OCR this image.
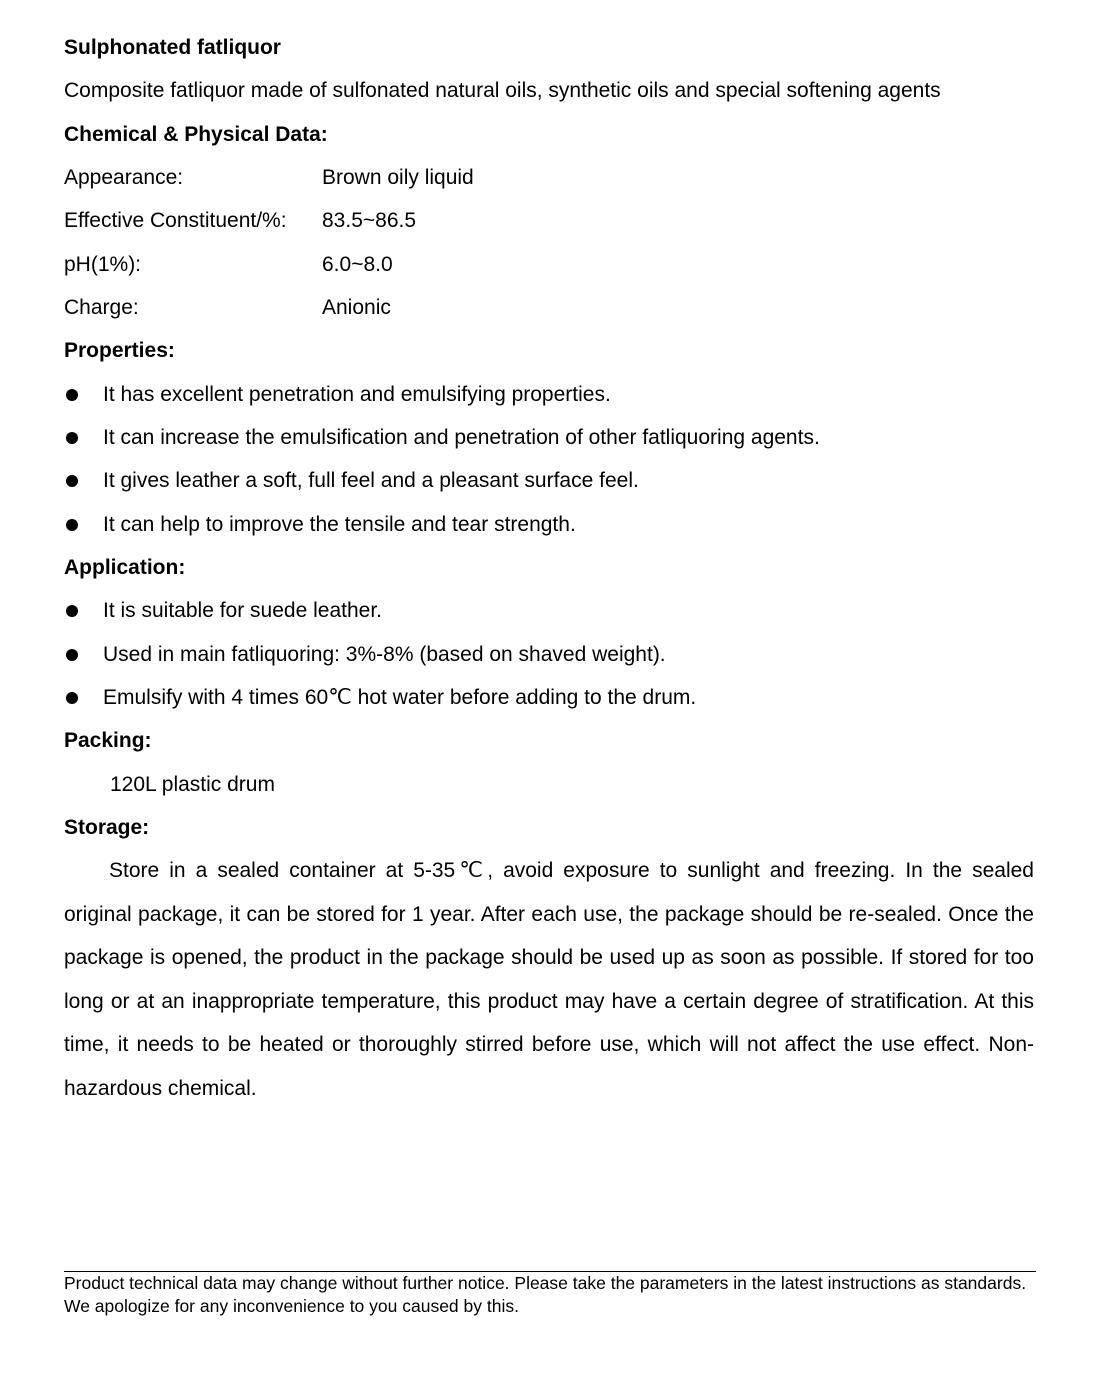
Sulphonated fatliquor
Composite fatliquor made of sulfonated natural oils, synthetic oils and special softening agents
Chemical & Physical Data:
Appearance:	Brown oily liquid
Effective Constituent/%: 83.5~86.5
pH(1%):	6.0~8.0
Charge:	Anionic
Properties:
It has excellent penetration and emulsifying properties.
It can increase the emulsification and penetration of other fatliquoring agents.
It gives leather a soft, full feel and a pleasant surface feel.
It can help to improve the tensile and tear strength.
Application:
It is suitable for suede leather.
Used in main fatliquoring: 3%-8% (based on shaved weight).
Emulsify with 4 times 60℃ hot water before adding to the drum.
Packing:
120L plastic drum
Storage:
Store in a sealed container at 5-35℃, avoid exposure to sunlight and freezing. In the sealed original package, it can be stored for 1 year. After each use, the package should be re-sealed. Once the package is opened, the product in the package should be used up as soon as possible. If stored for too long or at an inappropriate temperature, this product may have a certain degree of stratification. At this time, it needs to be heated or thoroughly stirred before use, which will not affect the use effect. Non-hazardous chemical.
Product technical data may change without further notice. Please take the parameters in the latest instructions as standards. We apologize for any inconvenience to you caused by this.
